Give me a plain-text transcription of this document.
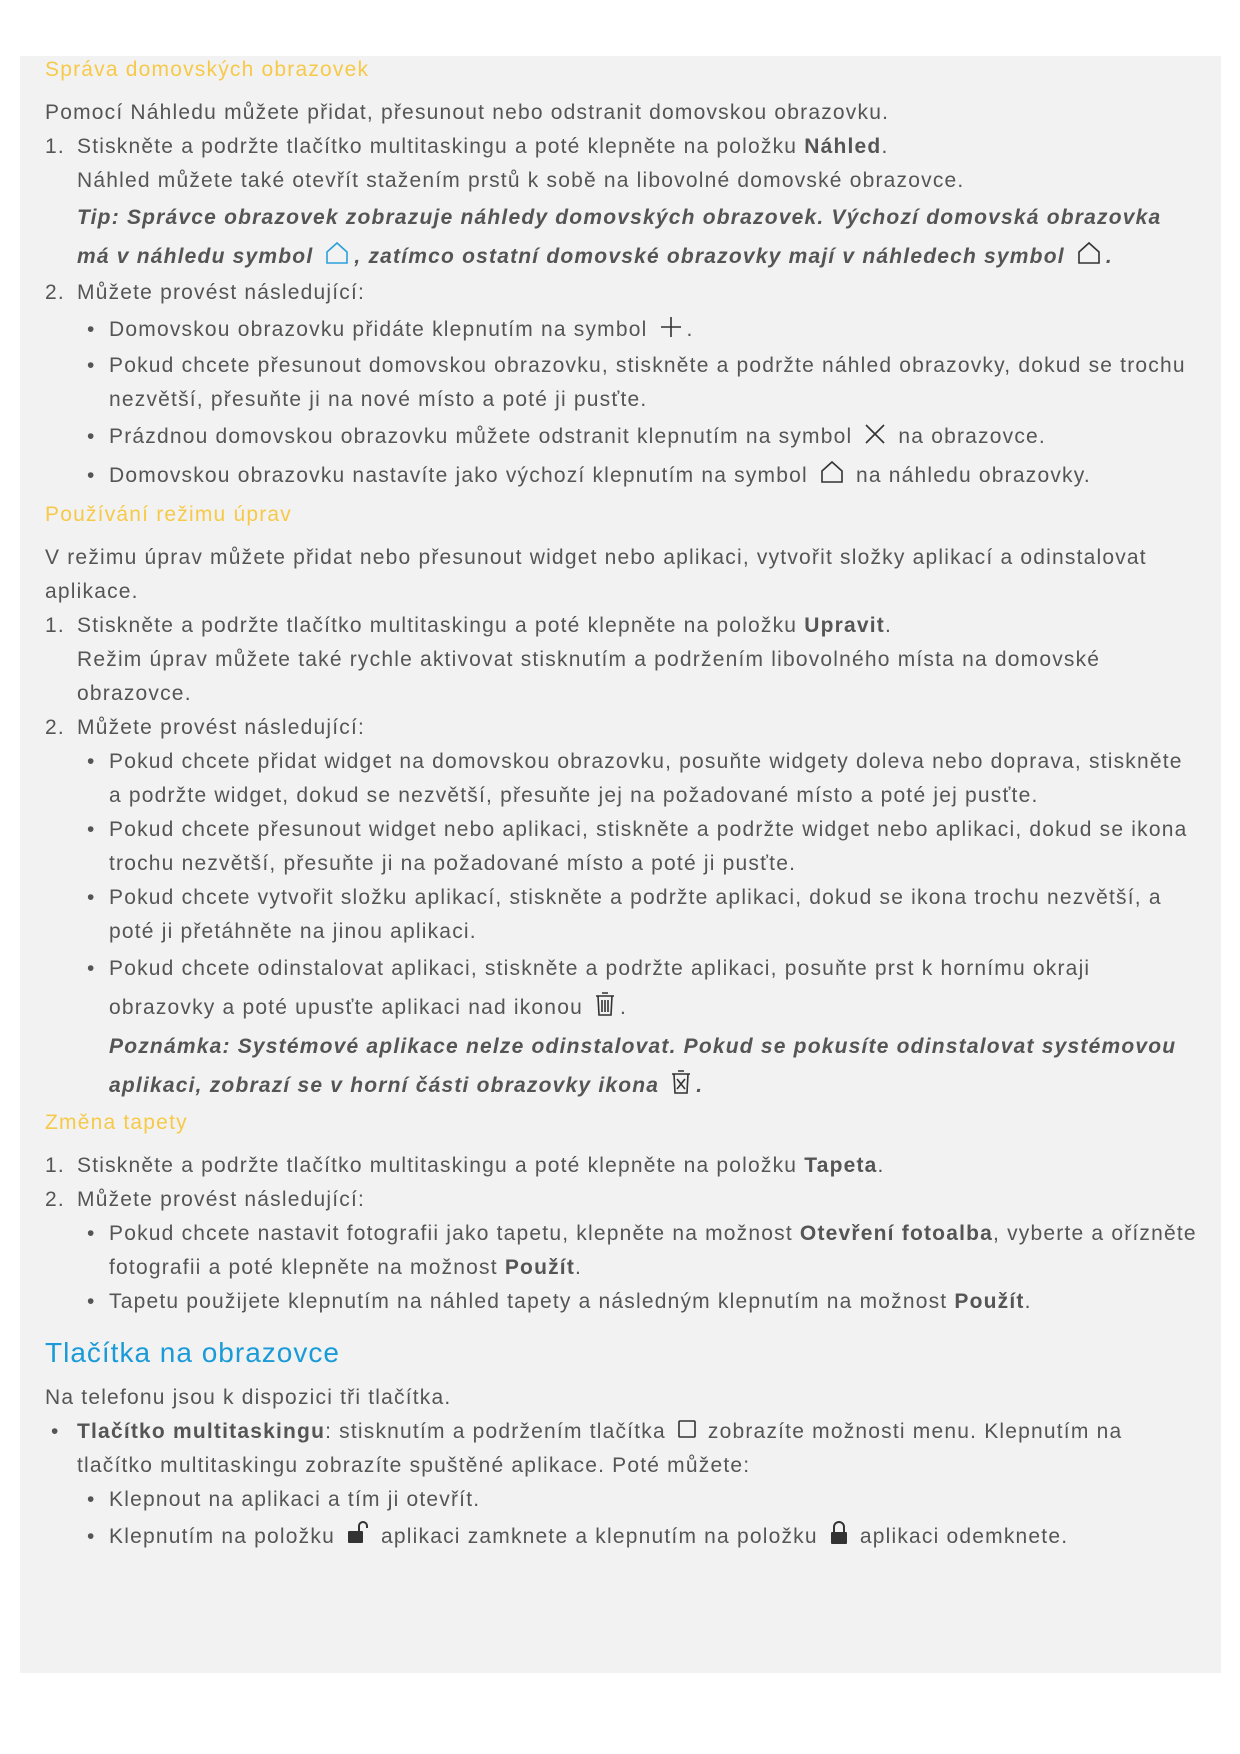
Správa domovských obrazovek

Pomocí Náhledu můžete přidat, přesunout nebo odstranit domovskou obrazovku.

1. Stiskněte a podržte tlačítko multitaskingu a poté klepněte na položku Náhled.
Náhled můžete také otevřít stažením prstů k sobě na libovolné domovské obrazovce.

Tip: Správce obrazovek zobrazuje náhledy domovských obrazovek. Výchozí domovská obrazovka má v náhledu symbol
, zatímco ostatní domovské obrazovky mají v náhledech symbol
.
2. Můžete provést následující:
• Domovskou obrazovku přidáte klepnutím na symbol
.
• Pokud chcete přesunout domovskou obrazovku, stiskněte a podržte náhled obrazovky, dokud se trochu nezvětší, přesuňte ji na nové místo a poté ji pusťte.
• Prázdnou domovskou obrazovku můžete odstranit klepnutím na symbol
na obrazovce.
• Domovskou obrazovku nastavíte jako výchozí klepnutím na symbol
na náhledu obrazovky.
Používání režimu úprav

V režimu úprav můžete přidat nebo přesunout widget nebo aplikaci, vytvořit složky aplikací a odinstalovat aplikace.

1. Stiskněte a podržte tlačítko multitaskingu a poté klepněte na položku Upravit.
Režim úprav můžete také rychle aktivovat stisknutím a podržením libovolného místa na domovské obrazovce.
2. Můžete provést následující:
• Pokud chcete přidat widget na domovskou obrazovku, posuňte widgety doleva nebo doprava, stiskněte a podržte widget, dokud se nezvětší, přesuňte jej na požadované místo a poté jej pusťte.
• Pokud chcete přesunout widget nebo aplikaci, stiskněte a podržte widget nebo aplikaci, dokud se ikona trochu nezvětší, přesuňte ji na požadované místo a poté ji pusťte.
• Pokud chcete vytvořit složku aplikací, stiskněte a podržte aplikaci, dokud se ikona trochu nezvětší, a poté ji přetáhněte na jinou aplikaci.
• Pokud chcete odinstalovat aplikaci, stiskněte a podržte aplikaci, posuňte prst k hornímu okraji obrazovky a poté upusťte aplikaci nad ikonou
.
Poznámka: Systémové aplikace nelze odinstalovat. Pokud se pokusíte odinstalovat systémovou aplikaci, zobrazí se v horní části obrazovky ikona
.
Změna tapety
1. Stiskněte a podržte tlačítko multitaskingu a poté klepněte na položku Tapeta.
2. Můžete provést následující:
• Pokud chcete nastavit fotografii jako tapetu, klepněte na možnost Otevření fotoalba, vyberte a ořízněte fotografii a poté klepněte na možnost Použít.
• Tapetu použijete klepnutím na náhled tapety a následným klepnutím na možnost Použít.
Tlačítka na obrazovce

Na telefonu jsou k dispozici tři tlačítka.

• Tlačítko multitaskingu: stisknutím a podržením tlačítka
zobrazíte možnosti menu. Klepnutím na tlačítko multitaskingu zobrazíte spuštěné aplikace. Poté můžete:
• Klepnout na aplikaci a tím ji otevřít.
• Klepnutím na položku
aplikaci zamknete a klepnutím na položku
aplikaci odemknete.
